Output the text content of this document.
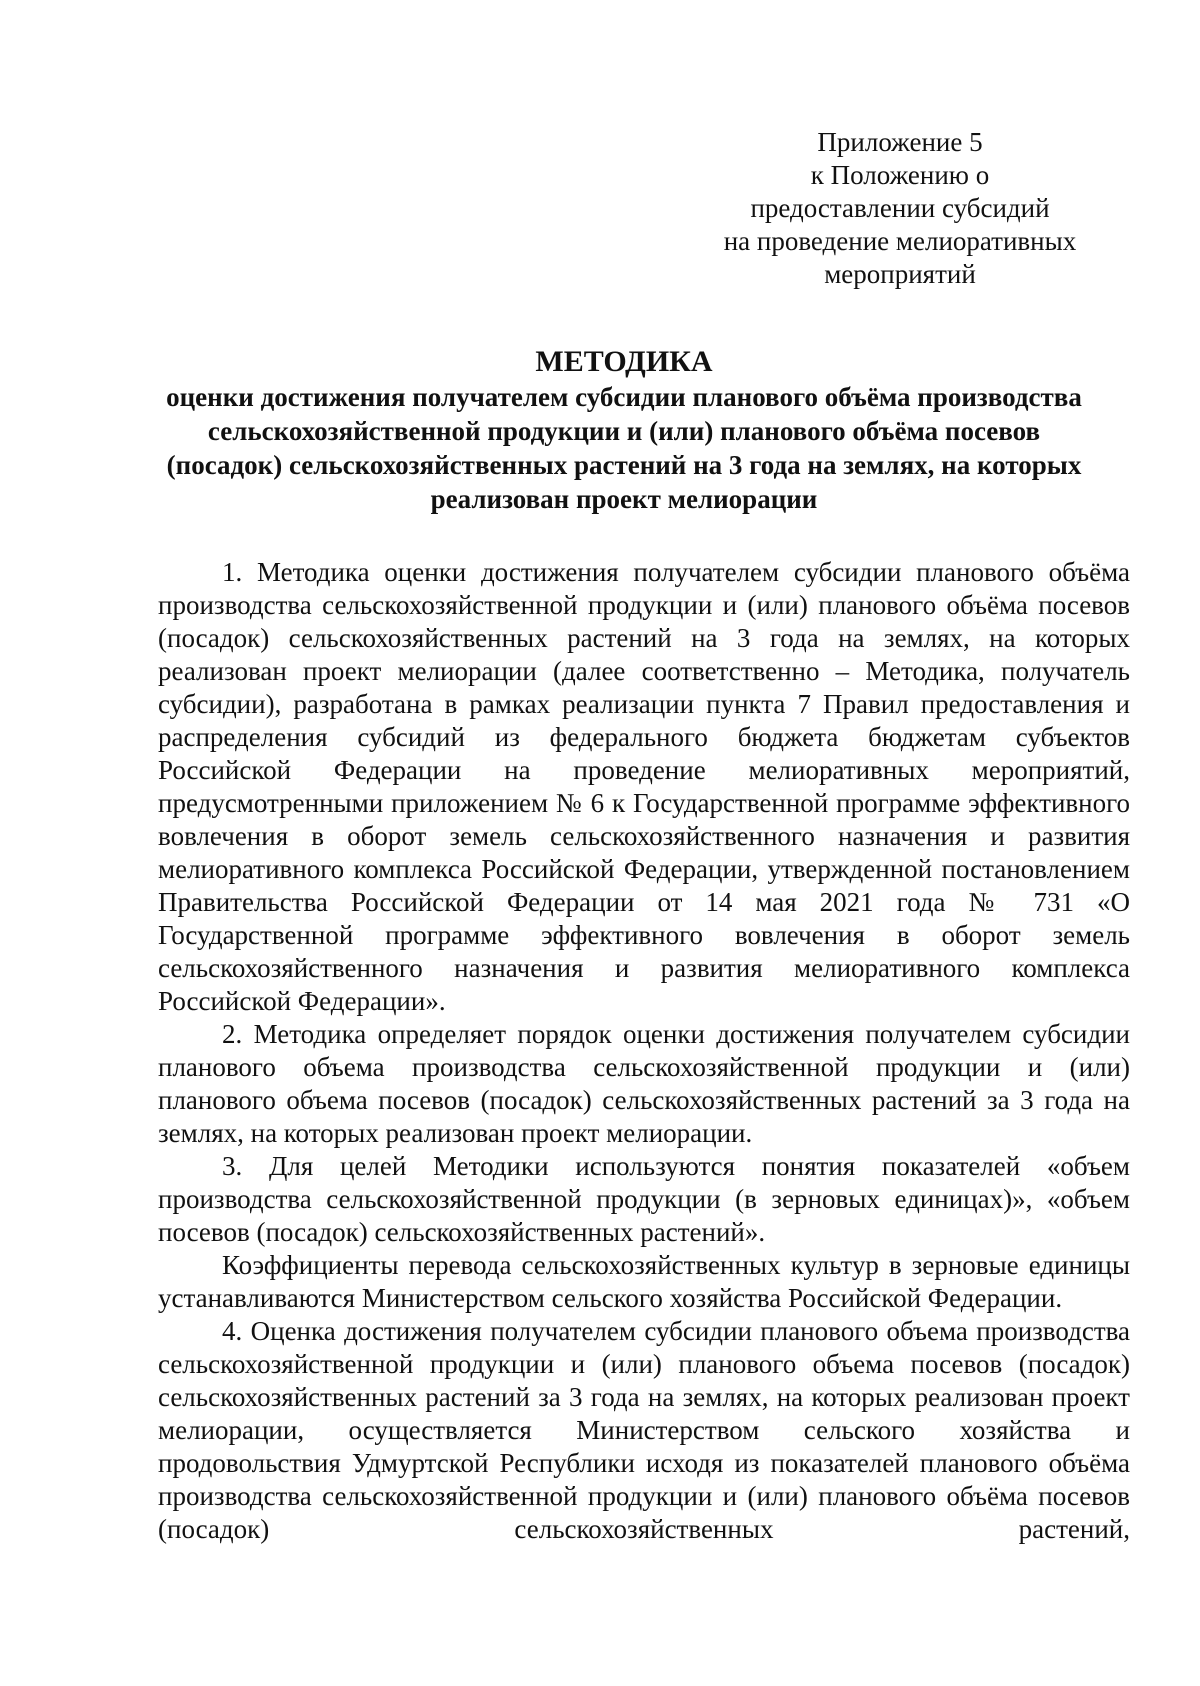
Приложение 5
к Положению о
предоставлении субсидий
на проведение мелиоративных
мероприятий
МЕТОДИКА
оценки достижения получателем субсидии планового объёма производства сельскохозяйственной продукции и (или) планового объёма посевов (посадок) сельскохозяйственных растений на 3 года на землях, на которых реализован проект мелиорации

1. Методика оценки достижения получателем субсидии планового объёма производства сельскохозяйственной продукции и (или) планового объёма посевов (посадок) сельскохозяйственных растений на 3 года на землях, на которых реализован проект мелиорации (далее соответственно – Методика, получатель субсидии), разработана в рамках реализации пункта 7 Правил предоставления и распределения субсидий из федерального бюджета бюджетам субъектов Российской Федерации на проведение мелиоративных мероприятий, предусмотренными приложением № 6 к Государственной программе эффективного вовлечения в оборот земель сельскохозяйственного назначения и развития мелиоративного комплекса Российской Федерации, утвержденной постановлением Правительства Российской Федерации от 14 мая 2021 года № 731 «О Государственной программе эффективного вовлечения в оборот земель сельскохозяйственного назначения и развития мелиоративного комплекса Российской Федерации».

2. Методика определяет порядок оценки достижения получателем субсидии планового объема производства сельскохозяйственной продукции и (или) планового объема посевов (посадок) сельскохозяйственных растений за 3 года на землях, на которых реализован проект мелиорации.

3. Для целей Методики используются понятия показателей «объем производства сельскохозяйственной продукции (в зерновых единицах)», «объем посевов (посадок) сельскохозяйственных растений».

Коэффициенты перевода сельскохозяйственных культур в зерновые единицы устанавливаются Министерством сельского хозяйства Российской Федерации.

4. Оценка достижения получателем субсидии планового объема производства сельскохозяйственной продукции и (или) планового объема посевов (посадок) сельскохозяйственных растений за 3 года на землях, на которых реализован проект мелиорации, осуществляется Министерством сельского хозяйства и продовольствия Удмуртской Республики исходя из показателей планового объёма производства сельскохозяйственной продукции и (или) планового объёма посевов (посадок) сельскохозяйственных растений,
